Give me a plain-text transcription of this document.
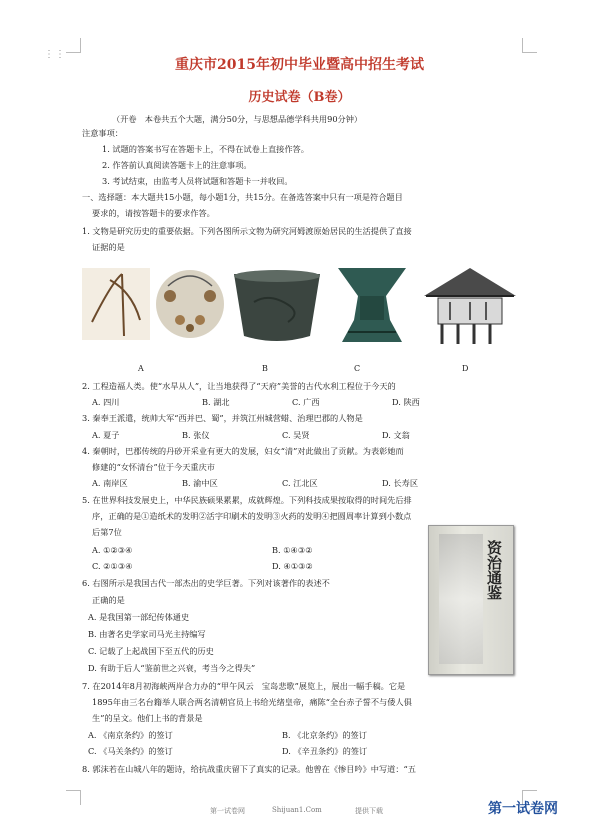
⋮⋮
重庆市2015年初中毕业暨高中招生考试
历史试卷（B卷）
（开卷　本卷共五个大题，满分50分，与思想品德学科共用90分钟）
注意事项：
1. 试题的答案书写在答题卡上，不得在试卷上直接作答。
2. 作答前认真阅读答题卡上的注意事项。
3. 考试结束，由监考人员将试题和答题卡一并收回。
一、选择题：本大题共15小题，每小题1分，共15分。在备选答案中只有一项是符合题目
要求的，请按答题卡的要求作答。
1. 文物是研究历史的重要依据。下列各图所示文物为研究河姆渡原始居民的生活提供了直接
证据的是
A	B	C	D
2. 工程造福人类。使“水旱从人”，让当地获得了“天府”美誉的古代水利工程位于今天的
A. 四川	B. 湖北	C. 广西	D. 陕西
3. 秦奉王派遣，统帅大军“西并巴、蜀”，并筑江州城营蜡、治理巴郡的人物是
A. 夏子	B. 张仪	C. 吴贤	D. 文翁
4. 秦朝时，巴郡传统的丹砂开采业有更大的发展，妇女“清”对此做出了贡献。为表彰她而
修建的“女怀清台”位于今天重庆市
A. 南岸区	B. 渝中区	C. 江北区	D. 长寿区
5. 在世界科技发展史上，中华民族硕果累累，成就辉煌。下列科技成果按取得的时间先后排
序，正确的是①造纸术的发明②活字印刷术的发明③火药的发明④把圆周率计算到小数点
后第7位
A. ①②③④	B. ①④③②
C. ②①③④	D. ④①③②
6. 右图所示是我国古代一部杰出的史学巨著。下列对该著作的表述不
正确的是
A. 是我国第一部纪传体通史
B. 由著名史学家司马光主持编写
C. 记载了上起战国下至五代的历史
D. 有助于后人“鉴前世之兴衰，考当今之得失”
资治通鉴
7. 在2014年8月初海峡两岸合力办的“甲午风云　宝岛悲歌”展览上，展出一幅手稿。它是
1895年由三名台籍举人联合两名清朝官员上书给光绪皇帝，痛陈“全台赤子誓不与倭人俱
生”的呈文。他们上书的背景是
A. 《南京条约》的签订	B. 《北京条约》的签订
C. 《马关条约》的签订	D. 《辛丑条约》的签订
8. 郭沫若在山城八年的题诗，给抗战重庆留下了真实的记录。他曾在《惨目吟》中写道：“五
第一试卷网	Shijuan1.Com	提供下载	第一试卷网
